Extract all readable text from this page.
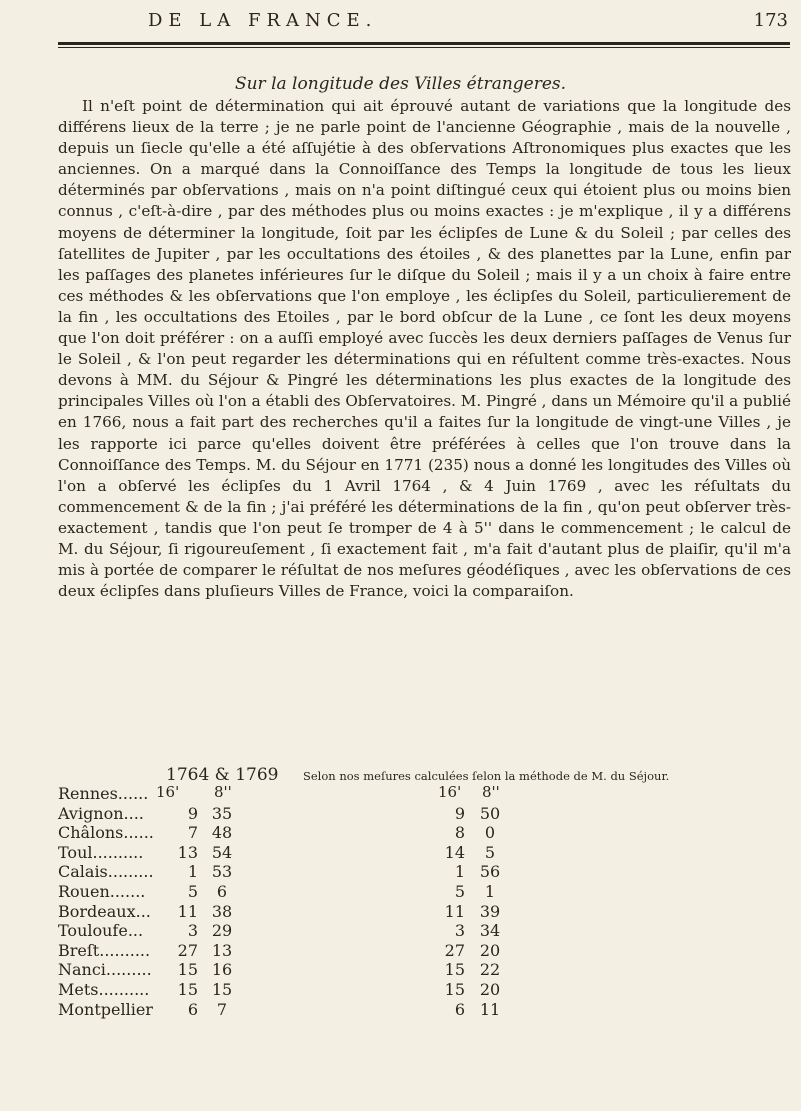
DE LA FRANCE.	173
Sur la longitude des Villes étrangeres.

Il n'eſt point de détermination qui ait éprouvé autant de variations que la longitude des différens lieux de la terre ; je ne parle point de l'ancienne Géographie , mais de la nouvelle , depuis un ſiecle qu'elle a été aſſujétie à des obſervations Aſtronomiques plus exactes que les anciennes. On a marqué dans la Connoiſſance des Temps la longitude de tous les lieux déterminés par obſervations , mais on n'a point diſtingué ceux qui étoient plus ou moins bien connus , c'eſt-à-dire , par des méthodes plus ou moins exactes : je m'explique , il y a différens moyens de déterminer la longitude, ſoit par les éclipſes de Lune & du Soleil ; par celles des ſatellites de Jupiter , par les occultations des étoiles , & des planettes par la Lune, enfin par les paſſages des planetes inférieures ſur le diſque du Soleil ; mais il y a un choix à faire entre ces méthodes & les obſervations que l'on employe , les éclipſes du Soleil, particulierement de la fin , les occultations des Etoiles , par le bord obſcur de la Lune , ce ſont les deux moyens que l'on doit préférer : on a auſſi employé avec ſuccès les deux derniers paſſages de Venus ſur le Soleil , & l'on peut regarder les déterminations qui en réſultent comme très-exactes. Nous devons à MM. du Séjour & Pingré les déterminations les plus exactes de la longitude des principales Villes où l'on a établi des Obſervatoires. M. Pingré , dans un Mémoire qu'il a publié en 1766, nous a fait part des recherches qu'il a faites ſur la longitude de vingt-une Villes , je les rapporte ici parce qu'elles doivent être préférées à celles que l'on trouve dans la Connoiſſance des Temps. M. du Séjour en 1771 (235) nous a donné les longitudes des Villes où l'on a obſervé les éclipſes du 1 Avril 1764 , & 4 Juin 1769 , avec les réſultats du commencement & de la fin ; j'ai préféré les déterminations de la fin , qu'on peut obſerver très-exactement , tandis que l'on peut ſe tromper de 4 à 5'' dans le commencement ; le calcul de M. du Séjour, ſi rigoureuſement , ſi exactement fait , m'a fait d'autant plus de plaiſir, qu'il m'a mis à portée de comparer le réſultat de nos meſures géodéſiques , avec les obſervations de ces deux éclipſes dans pluſieurs Villes de France, voici la comparaiſon.

1764 & 1769 Selon nos meſures calculées ſelon la méthode de M. du Séjour.
16' 8''	16' 8''
Rennes......
Avignon....	9 35	9 50
Châlons......	7 48	8	0
Toul.......... 13 54	14	5
Calais.........	1 53	1 56
Rouen.......	5	6	5	1
Bordeaux... 11 38	11 39
Touloufe...	3 29	3 34
Breſt.......... 27 13	27 20
Nanci......... 15 16	15 22
Mets.......... 15 15	15 20
Montpellier	6	7	6 11
